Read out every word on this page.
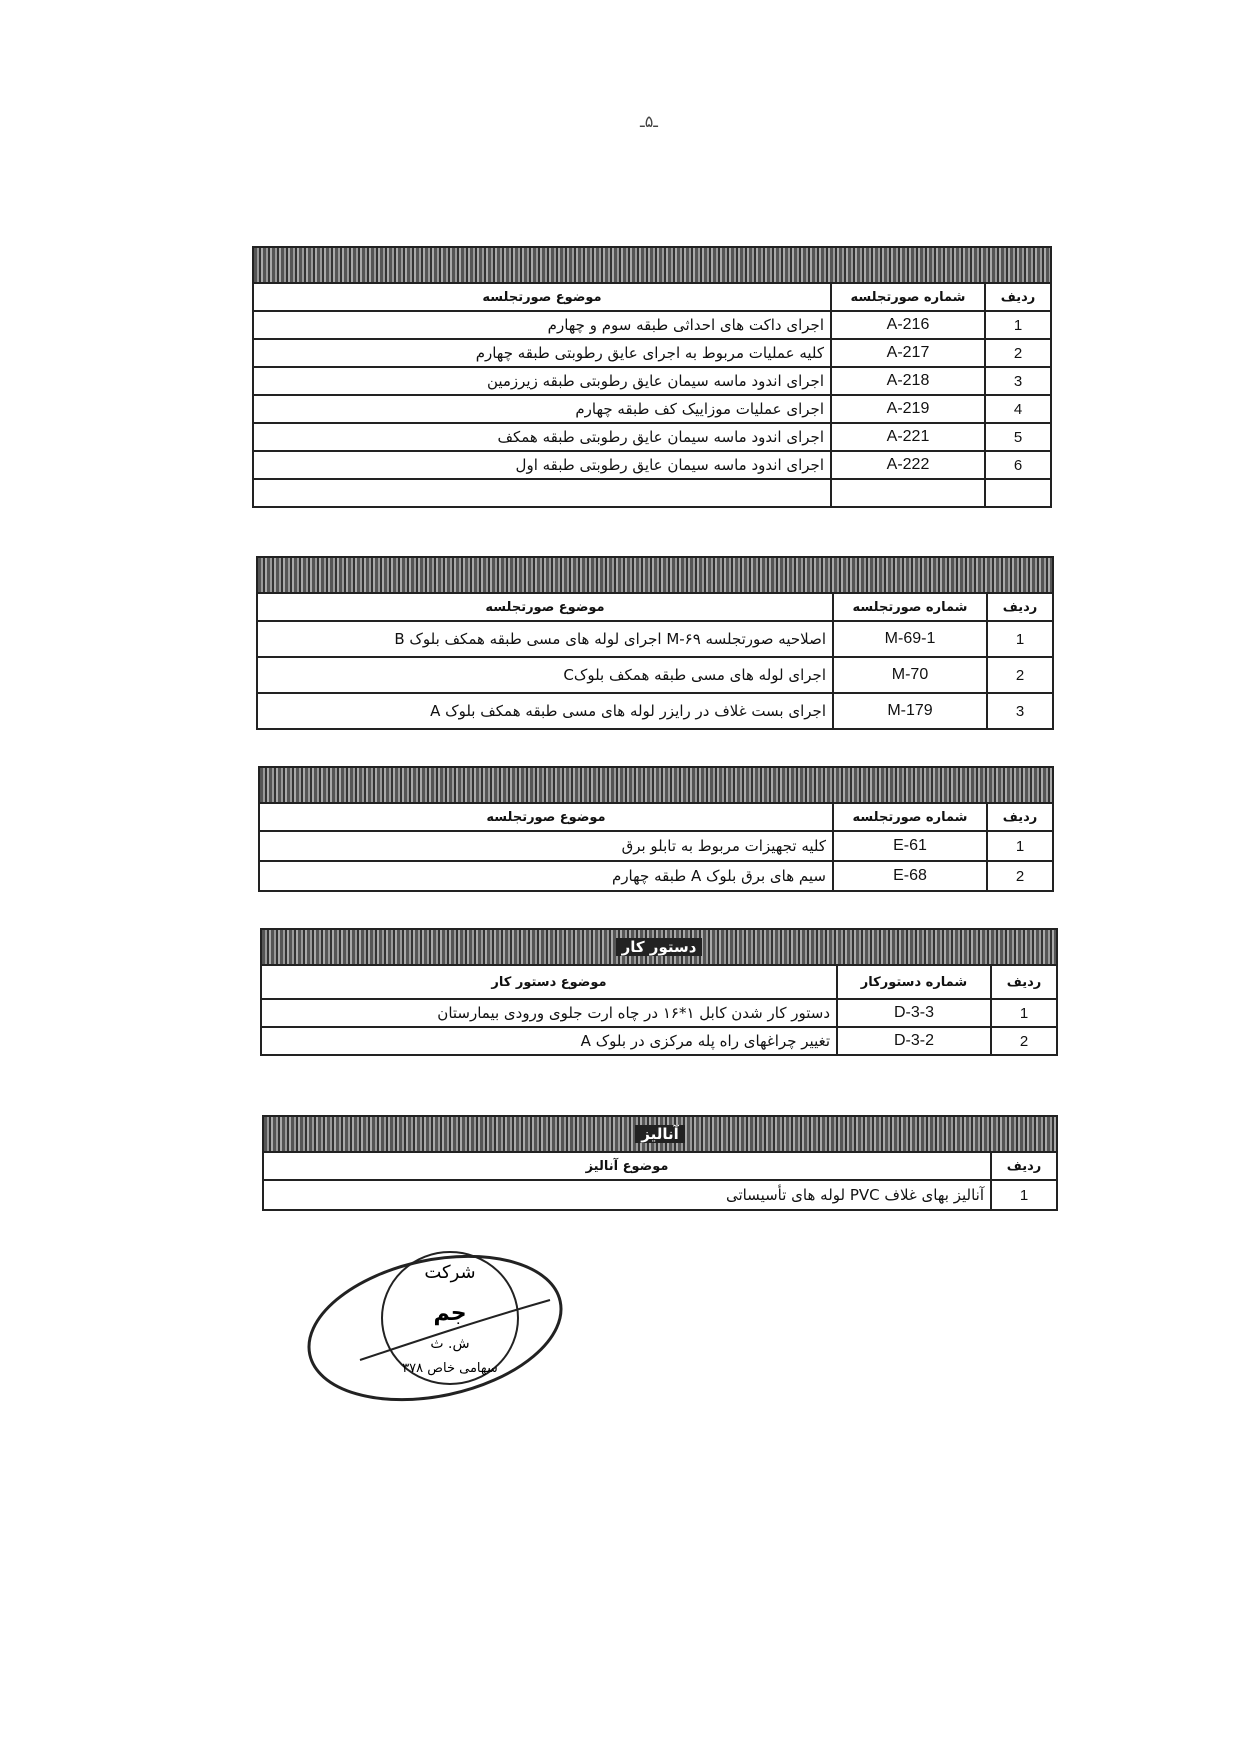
ـ۵ـ
ردیف	شماره صورتجلسه	موضوع صورتجلسه
1	A-216	اجرای داکت های احداثی طبقه سوم و چهارم
2	A-217	کلیه عملیات مربوط به اجرای عایق رطوبتی طبقه چهارم
3	A-218	اجرای اندود ماسه سیمان عایق رطوبتی طبقه زیرزمین
4	A-219	اجرای عملیات موزاییک کف طبقه چهارم
5	A-221	اجرای اندود ماسه سیمان عایق رطوبتی طبقه همکف
6	A-222	اجرای اندود ماسه سیمان عایق رطوبتی طبقه اول

ردیف	شماره صورتجلسه	موضوع صورتجلسه
1	M-69-1	اصلاحیه صورتجلسه M-۶۹ اجرای لوله های مسی طبقه همکف بلوک B
2	M-70	اجرای لوله های مسی طبقه همکف بلوکC
3	M-179	اجرای بست غلاف در رایزر لوله های مسی طبقه همکف بلوک A
ردیف	شماره صورتجلسه	موضوع صورتجلسه
1	E-61	کلیه تجهیزات مربوط به تابلو برق
2	E-68	سیم های برق بلوک A طبقه چهارم
دستور کار
ردیف	شماره دستورکار	موضوع دستور کار
1	D-3-3	دستور کار شدن کابل ۱*۱۶ در چاه ارت جلوی ورودی بیمارستان
2	D-3-2	تغییر چراغهای راه پله مرکزی در بلوک A
آنالیز
ردیف	موضوع آنالیز
1	آنالیز بهای غلاف PVC لوله های تأسیساتی
شرکت
جم
ش. ث
سهامی خاص ۳۷۸
